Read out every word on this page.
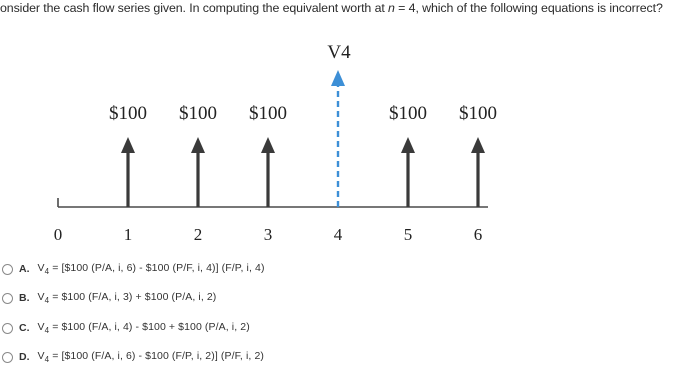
onsider the cash flow series given. In computing the equivalent worth at n = 4, which of the following equations is incorrect?
0	1	2	3	4	5	6
$100 $100 $100	$100 $100
V4
A. $V_4$ = [$100 (P/A, i, 6) - $100 (P/F, i, 4)] (F/P, i, 4)
B. $V_4$ = $100 (F/A, i, 3) + $100 (P/A, i, 2)
C. $V_4$ = $100 (F/A, i, 4) - $100 + $100 (P/A, i, 2)
D. $V_4$ = [$100 (F/A, i, 6) - $100 (F/P, i, 2)] (P/F, i, 2)
